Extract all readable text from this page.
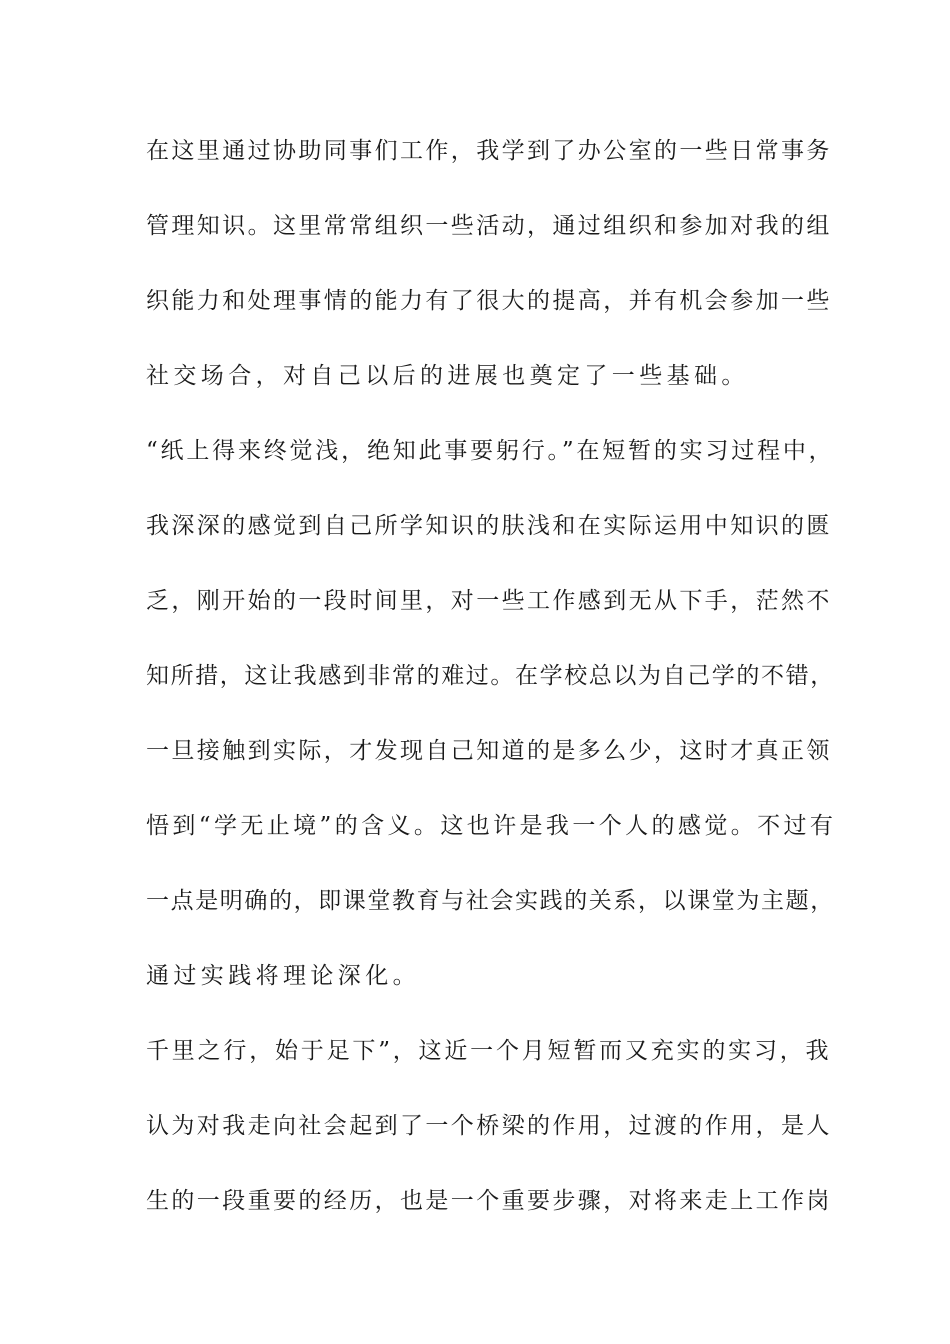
在这里通过协助同事们工作，我学到了办公室的一些日常事务
管理知识。这里常常组织一些活动，通过组织和参加对我的组
织能力和处理事情的能力有了很大的提高，并有机会参加一些
社交场合，对自己以后的进展也奠定了一些基础。
“纸上得来终觉浅，绝知此事要躬行。”在短暂的实习过程中，
我深深的感觉到自己所学知识的肤浅和在实际运用中知识的匮
乏，刚开始的一段时间里，对一些工作感到无从下手，茫然不
知所措，这让我感到非常的难过。在学校总以为自己学的不错，
一旦接触到实际，才发现自己知道的是多么少，这时才真正领
悟到“学无止境”的含义。这也许是我一个人的感觉。不过有
一点是明确的，即课堂教育与社会实践的关系，以课堂为主题，
通过实践将理论深化。
千里之行，始于足下”，这近一个月短暂而又充实的实习，我
认为对我走向社会起到了一个桥梁的作用，过渡的作用，是人
生的一段重要的经历，也是一个重要步骤，对将来走上工作岗
